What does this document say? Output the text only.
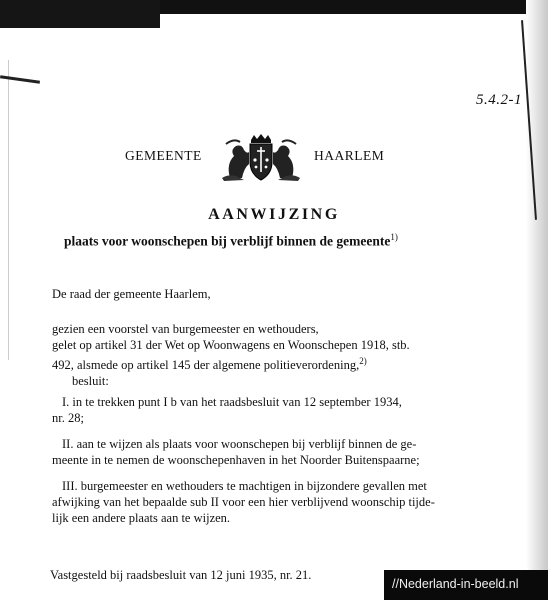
5.4.2-1
GEMEENTE	HAARLEM
AANWIJZING
plaats voor woonschepen bij verblijf binnen de gemeente$^{1)}$
De raad der gemeente Haarlem,
gezien een voorstel van burgemeester en wethouders,
gelet op artikel 31 der Wet op Woonwagens en Woonschepen 1918, stb.
492, alsmede op artikel 145 der algemene politieverordening,$^{2)}$
besluit:
I. in te trekken punt I b van het raadsbesluit van 12 september 1934,
nr. 28;
II. aan te wijzen als plaats voor woonschepen bij verblijf binnen de ge-
meente in te nemen de woonschepenhaven in het Noorder Buitenspaarne;
III. burgemeester en wethouders te machtigen in bijzondere gevallen met
afwijking van het bepaalde sub II voor een hier verblijvend woonschip tijde-
lijk een andere plaats aan te wijzen.
Vastgesteld bij raadsbesluit van 12 juni 1935, nr. 21.
//Nederland-in-beeld.nl
